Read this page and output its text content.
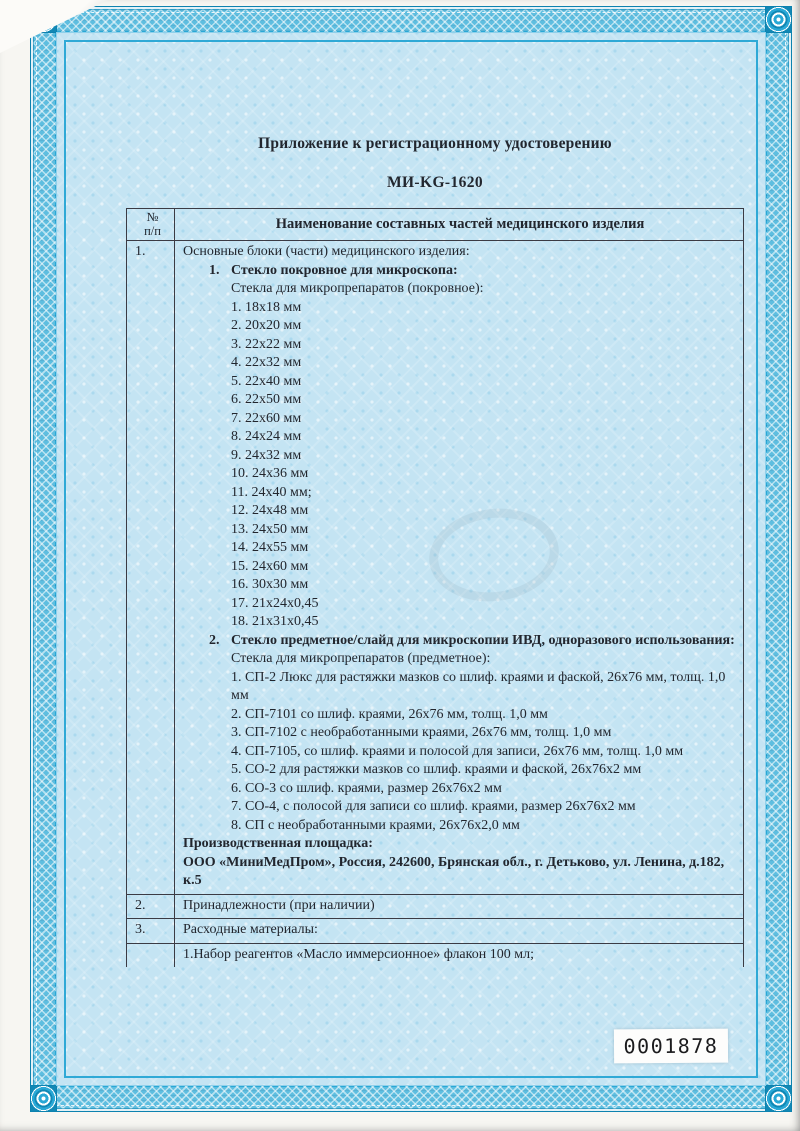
Приложение к регистрационному удостоверению
МИ-KG-1620
№
п/п	Наименование составных частей медицинского изделия
1.	Основные блоки (части) медицинского изделия:
1. Стекло покровное для микроскопа:
Стекла для микропрепаратов (покровное):
1. 18х18 мм
2. 20х20 мм
3. 22х22 мм
4. 22х32 мм
5. 22х40 мм
6. 22х50 мм
7. 22х60 мм
8. 24х24 мм
9. 24х32 мм
10. 24х36 мм
11. 24х40 мм;
12. 24х48 мм
13. 24х50 мм
14. 24х55 мм
15. 24х60 мм
16. 30х30 мм
17. 21х24х0,45
18. 21х31х0,45
2. Стекло предметное/слайд для микроскопии ИВД, одноразового использования:
Стекла для микропрепаратов (предметное):
1. СП-2 Люкс для растяжки мазков со шлиф. краями и фаской, 26х76 мм, толщ. 1,0 мм
2. СП-7101 со шлиф. краями, 26х76 мм, толщ. 1,0 мм
3. СП-7102 с необработанными краями, 26х76 мм, толщ. 1,0 мм
4. СП-7105, со шлиф. краями и полосой для записи, 26х76 мм, толщ. 1,0 мм
5. СО-2 для растяжки мазков со шлиф. краями и фаской, 26х76х2 мм
6. СО-3 со шлиф. краями, размер 26х76х2 мм
7. СО-4, с полосой для записи со шлиф. краями, размер 26х76х2 мм
8. СП с необработанными краями, 26х76х2,0 мм
Производственная площадка:
ООО «МиниМедПром», Россия, 242600, Брянская обл., г. Детьково, ул. Ленина, д.182, к.5
2.	Принадлежности (при наличии)
3.	Расходные материалы:
1.Набор реагентов «Масло иммерсионное» флакон 100 мл;
0001878
